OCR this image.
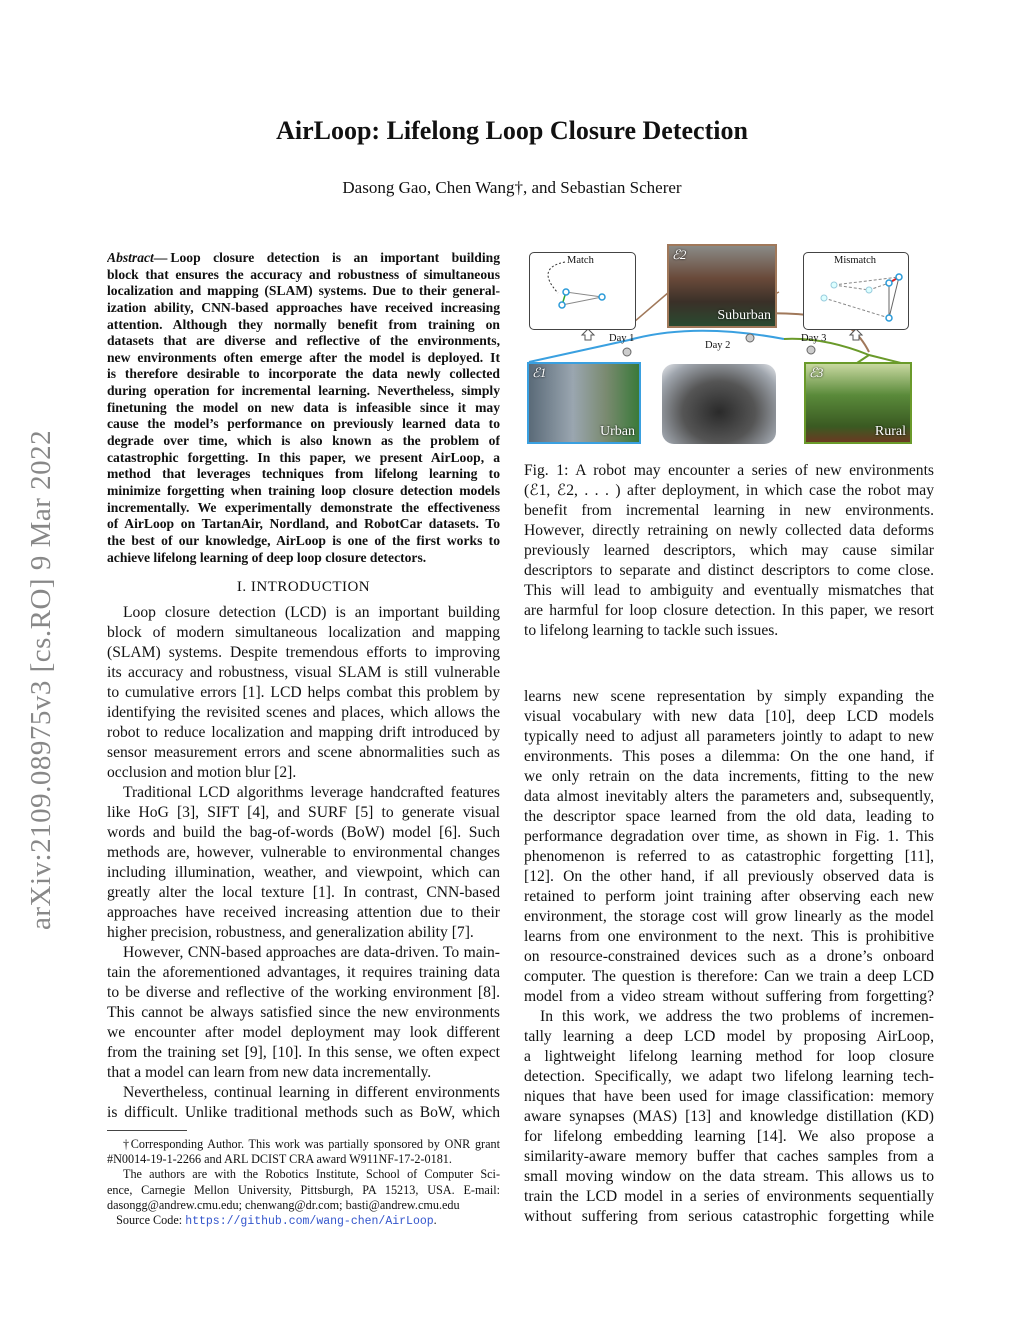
arXiv:2109.08975v3 [cs.RO] 9 Mar 2022
AirLoop: Lifelong Loop Closure Detection
Dasong Gao, Chen Wang†, and Sebastian Scherer
Abstract— Loop closure detection is an important building
block that ensures the accuracy and robustness of simultaneous
localization and mapping (SLAM) systems. Due to their general-
ization ability, CNN-based approaches have received increasing
attention. Although they normally benefit from training on
datasets that are diverse and reflective of the environments,
new environments often emerge after the model is deployed. It
is therefore desirable to incorporate the data newly collected
during operation for incremental learning. Nevertheless, simply
finetuning the model on new data is infeasible since it may
cause the model’s performance on previously learned data to
degrade over time, which is also known as the problem of
catastrophic forgetting. In this paper, we present AirLoop, a
method that leverages techniques from lifelong learning to
minimize forgetting when training loop closure detection models
incrementally. We experimentally demonstrate the effectiveness
of AirLoop on TartanAir, Nordland, and RobotCar datasets. To
the best of our knowledge, AirLoop is one of the first works to
achieve lifelong learning of deep loop closure detectors.
I. INTRODUCTION
Loop closure detection (LCD) is an important building
block of modern simultaneous localization and mapping
(SLAM) systems. Despite tremendous efforts to improving
its accuracy and robustness, visual SLAM is still vulnerable
to cumulative errors [1]. LCD helps combat this problem by
identifying the revisited scenes and places, which allows the
robot to reduce localization and mapping drift introduced by
sensor measurement errors and scene abnormalities such as
occlusion and motion blur [2].
Traditional LCD algorithms leverage handcrafted features
like HoG [3], SIFT [4], and SURF [5] to generate visual
words and build the bag-of-words (BoW) model [6]. Such
methods are, however, vulnerable to environmental changes
including illumination, weather, and viewpoint, which can
greatly alter the local texture [1]. In contrast, CNN-based
approaches have received increasing attention due to their
higher precision, robustness, and generalization ability [7].
However, CNN-based approaches are data-driven. To main-
tain the aforementioned advantages, it requires training data
to be diverse and reflective of the working environment [8].
This cannot be always satisfied since the new environments
we encounter after model deployment may look different
from the training set [9], [10]. In this sense, we often expect
that a model can learn from new data incrementally.
Nevertheless, continual learning in different environments
is difficult. Unlike traditional methods such as BoW, which
†Corresponding Author. This work was partially sponsored by ONR grant
#N0014-19-1-2266 and ARL DCIST CRA award W911NF-17-2-0181.
The authors are with the Robotics Institute, School of Computer Sci-
ence, Carnegie Mellon University, Pittsburgh, PA 15213, USA. E-mail:
dasongg@andrew.cmu.edu; chenwang@dr.com; basti@andrew.cmu.edu
Source Code: https://github.com/wang-chen/AirLoop.
Match	Mismatch
ℰ2
Suburban
ℰ1
Urban
ℰ3
Rural
Day 1
Day 2
Day 3
Fig. 1: A robot may encounter a series of new environments
(ℰ1, ℰ2, . . . ) after deployment, in which case the robot may
benefit from incremental learning in new environments.
However, directly retraining on newly collected data deforms
previously learned descriptors, which may cause similar
descriptors to separate and distinct descriptors to come close.
This will lead to ambiguity and eventually mismatches that
are harmful for loop closure detection. In this paper, we resort
to lifelong learning to tackle such issues.
learns new scene representation by simply expanding the
visual vocabulary with new data [10], deep LCD models
typically need to adjust all parameters jointly to adapt to new
environments. This poses a dilemma: On the one hand, if
we only retrain on the data increments, fitting to the new
data almost inevitably alters the parameters and, subsequently,
the descriptor space learned from the old data, leading to
performance degradation over time, as shown in Fig. 1. This
phenomenon is referred to as catastrophic forgetting [11],
[12]. On the other hand, if all previously observed data is
retained to perform joint training after observing each new
environment, the storage cost will grow linearly as the model
learns from one environment to the next. This is prohibitive
on resource-constrained devices such as a drone’s onboard
computer. The question is therefore: Can we train a deep LCD
model from a video stream without suffering from forgetting?
In this work, we address the two problems of incremen-
tally learning a deep LCD model by proposing AirLoop,
a lightweight lifelong learning method for loop closure
detection. Specifically, we adapt two lifelong learning tech-
niques that have been used for image classification: memory
aware synapses (MAS) [13] and knowledge distillation (KD)
for lifelong embedding learning [14]. We also propose a
similarity-aware memory buffer that caches samples from a
small moving window on the data stream. This allows us to
train the LCD model in a series of environments sequentially
without suffering from serious catastrophic forgetting while
